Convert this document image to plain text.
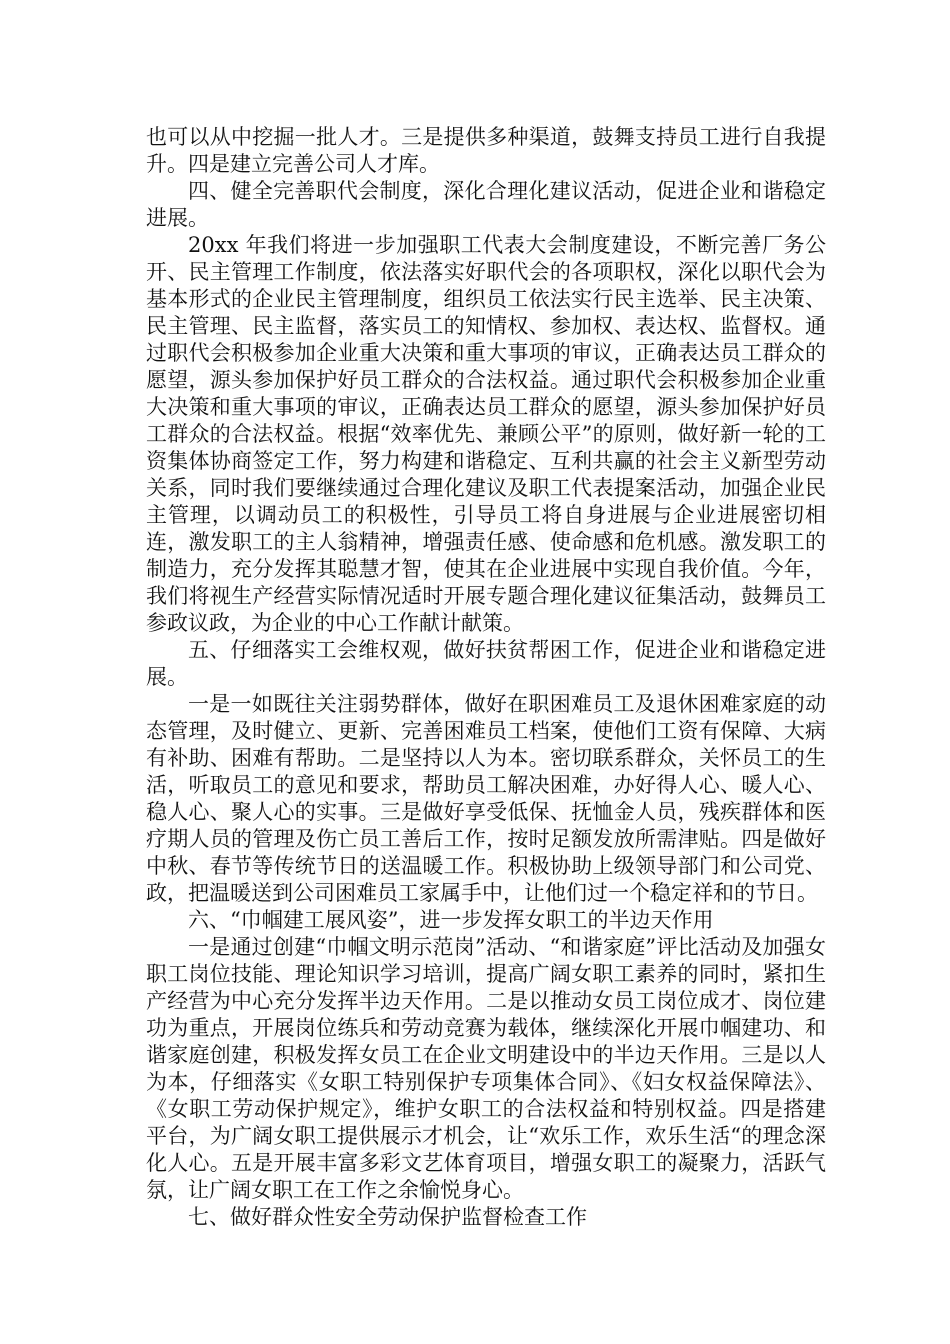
也可以从中挖掘一批人才。三是提供多种渠道，鼓舞支持员工进行自我提升。四是建立完善公司人才库。

四、健全完善职代会制度，深化合理化建议活动，促进企业和谐稳定进展。

20xx 年我们将进一步加强职工代表大会制度建设，不断完善厂务公开、民主管理工作制度，依法落实好职代会的各项职权，深化以职代会为基本形式的企业民主管理制度，组织员工依法实行民主选举、民主决策、民主管理、民主监督，落实员工的知情权、参加权、表达权、监督权。通过职代会积极参加企业重大决策和重大事项的审议，正确表达员工群众的愿望，源头参加保护好员工群众的合法权益。通过职代会积极参加企业重大决策和重大事项的审议，正确表达员工群众的愿望，源头参加保护好员工群众的合法权益。根据“效率优先、兼顾公平”的原则，做好新一轮的工资集体协商签定工作，努力构建和谐稳定、互利共赢的社会主义新型劳动关系，同时我们要继续通过合理化建议及职工代表提案活动，加强企业民主管理，以调动员工的积极性，引导员工将自身进展与企业进展密切相连，激发职工的主人翁精神，增强责任感、使命感和危机感。激发职工的制造力，充分发挥其聪慧才智，使其在企业进展中实现自我价值。今年，我们将视生产经营实际情况适时开展专题合理化建议征集活动，鼓舞员工参政议政，为企业的中心工作献计献策。

五、仔细落实工会维权观，做好扶贫帮困工作，促进企业和谐稳定进展。

一是一如既往关注弱势群体，做好在职困难员工及退休困难家庭的动态管理，及时健立、更新、完善困难员工档案，使他们工资有保障、大病有补助、困难有帮助。二是坚持以人为本。密切联系群众，关怀员工的生活，听取员工的意见和要求，帮助员工解决困难，办好得人心、暖人心、稳人心、聚人心的实事。三是做好享受低保、抚恤金人员，残疾群体和医疗期人员的管理及伤亡员工善后工作，按时足额发放所需津贴。四是做好中秋、春节等传统节日的送温暖工作。积极协助上级领导部门和公司党、政，把温暖送到公司困难员工家属手中，让他们过一个稳定祥和的节日。

六、“巾帼建工展风姿”，进一步发挥女职工的半边天作用

一是通过创建“巾帼文明示范岗”活动、“和谐家庭”评比活动及加强女职工岗位技能、理论知识学习培训，提高广阔女职工素养的同时，紧扣生产经营为中心充分发挥半边天作用。二是以推动女员工岗位成才、岗位建功为重点，开展岗位练兵和劳动竞赛为载体，继续深化开展巾帼建功、和谐家庭创建，积极发挥女员工在企业文明建设中的半边天作用。三是以人为本，仔细落实《女职工特别保护专项集体合同》、《妇女权益保障法》、《女职工劳动保护规定》，维护女职工的合法权益和特别权益。四是搭建平台，为广阔女职工提供展示才机会，让“欢乐工作，欢乐生活“的理念深化人心。五是开展丰富多彩文艺体育项目，增强女职工的凝聚力，活跃气氛，让广阔女职工在工作之余愉悦身心。

七、做好群众性安全劳动保护监督检查工作
